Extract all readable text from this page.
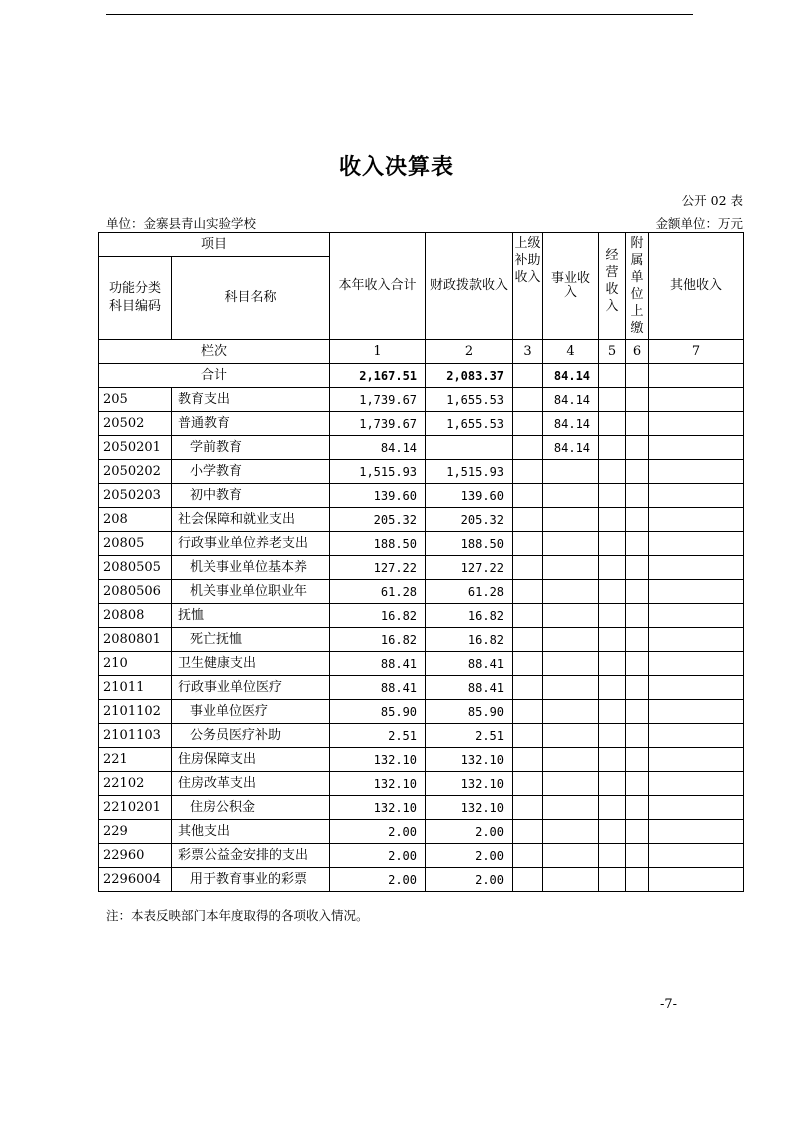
收入决算表
公开 02 表
单位：金寨县青山实验学校	金额单位：万元
项目		本年收入合计	财政拨款收入	上级补助收入	事业收入	经营收入	附属单位上缴	其他收入
功能分类科目编码	科目名称							
栏次		1	2	3	4	5	6	7
合计		2,167.51	2,083.37		84.14			
205	教育支出	1,739.67	1,655.53		84.14			
20502	普通教育	1,739.67	1,655.53		84.14			
2050201	学前教育	84.14			84.14			
2050202	小学教育	1,515.93	1,515.93					
2050203	初中教育	139.60	139.60					
208	社会保障和就业支出	205.32	205.32					
20805	行政事业单位养老支出	188.50	188.50					
2080505	机关事业单位基本养	127.22	127.22					
2080506	机关事业单位职业年	61.28	61.28					
20808	抚恤	16.82	16.82					
2080801	死亡抚恤	16.82	16.82					
210	卫生健康支出	88.41	88.41					
21011	行政事业单位医疗	88.41	88.41					
2101102	事业单位医疗	85.90	85.90					
2101103	公务员医疗补助	2.51	2.51					
221	住房保障支出	132.10	132.10					
22102	住房改革支出	132.10	132.10					
2210201	住房公积金	132.10	132.10					
229	其他支出	2.00	2.00					
22960	彩票公益金安排的支出	2.00	2.00					
2296004	用于教育事业的彩票	2.00	2.00					
注：本表反映部门本年度取得的各项收入情况。
-7-
